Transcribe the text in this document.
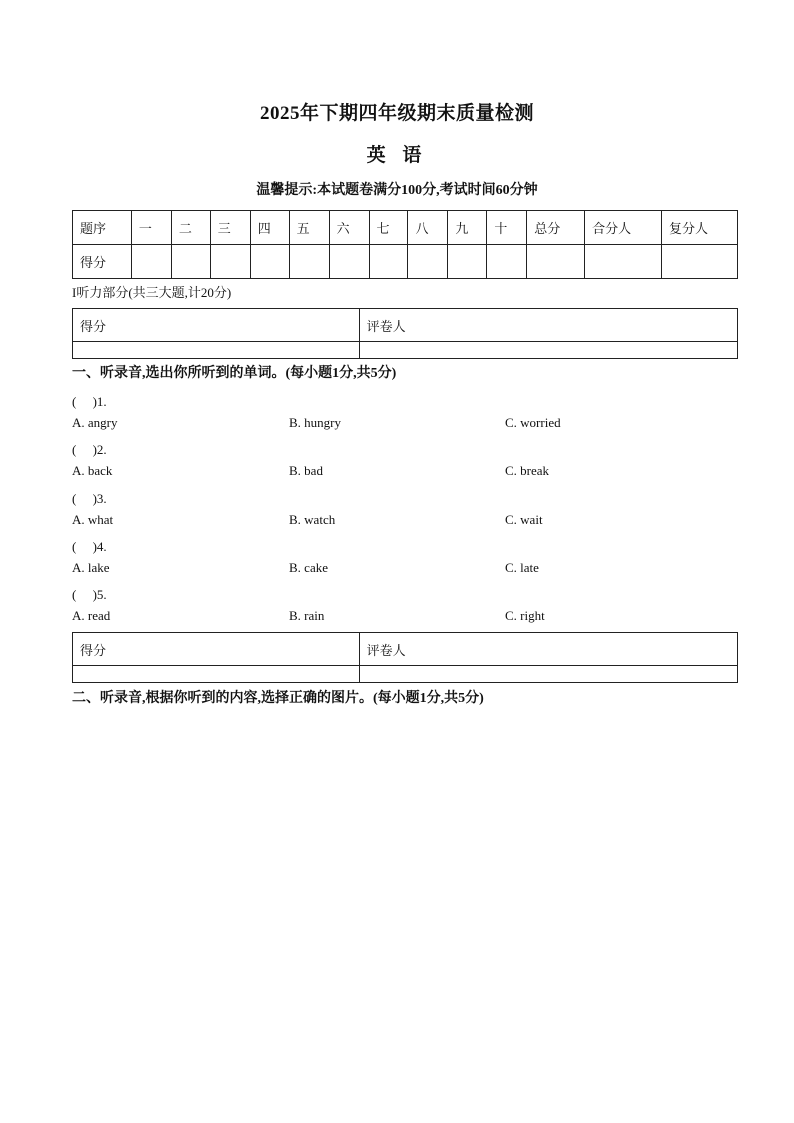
2025年下期四年级期末质量检测
英 语
温馨提示:本试题卷满分100分,考试时间60分钟
题序	一	二	三	四	五	六	七	八	九	十	总分	合分人	复分人
得分													
I听力部分(共三大题,计20分)
得分	评卷人

一、听录音,选出你所听到的单词。(每小题1分,共5分)
(　 )1.
A. angry	B. hungry	C. worried
(　 )2.
A. back	B. bad	C. break
(　 )3.
A. what	B. watch	C. wait
(　 )4.
A. lake	B. cake	C. late
(　 )5.
A. read	B. rain	C. right
得分	评卷人

二、听录音,根据你听到的内容,选择正确的图片。(每小题1分,共5分)
